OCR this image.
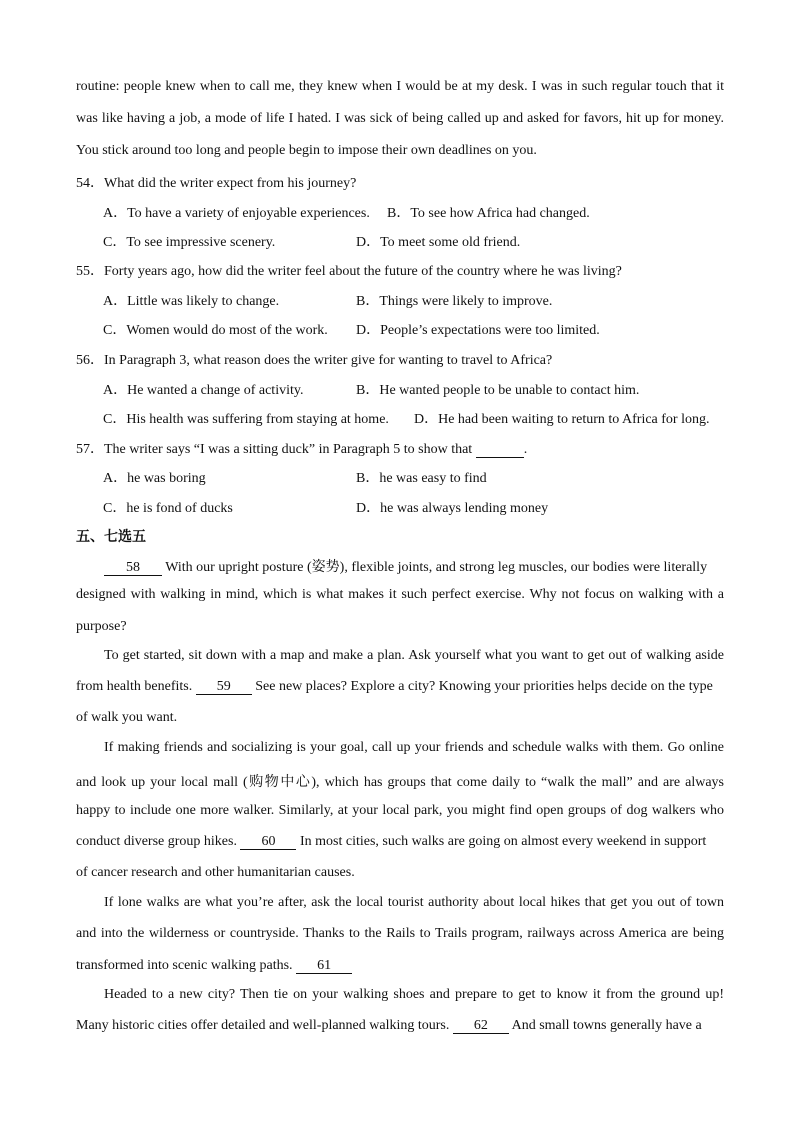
routine: people knew when to call me, they knew when I would be at my desk. I was in such regular touch that it
was like having a job, a mode of life I hated. I was sick of being called up and asked for favors, hit up for money.
You stick around too long and people begin to impose their own deadlines on you.
54．What did the writer expect from his journey?
A．To have a variety of enjoyable experiences. B．To see how Africa had changed.
C．To see impressive scenery.	D．To meet some old friend.
55．Forty years ago, how did the writer feel about the future of the country where he was living?
A．Little was likely to change.	B．Things were likely to improve.
C．Women would do most of the work. D．People’s expectations were too limited.
56．In Paragraph 3, what reason does the writer give for wanting to travel to Africa?
A．He wanted a change of activity.	B．He wanted people to be unable to contact him.
C．His health was suffering from staying at home. D．He had been waiting to return to Africa for long.
57．The writer says “I was a sitting duck” in Paragraph 5 to show that	.
A．he was boring	B．he was easy to find
C．he is fond of ducks	D．he was always lending money
五、七选五
58 With our upright posture (姿势), flexible joints, and strong leg muscles, our bodies were literally
designed with walking in mind, which is what makes it such perfect exercise. Why not focus on walking with a
purpose?
To get started, sit down with a map and make a plan. Ask yourself what you want to get out of walking aside
from health benefits. 59 See new places? Explore a city? Knowing your priorities helps decide on the type
of walk you want.
If making friends and socializing is your goal, call up your friends and schedule walks with them. Go online
and look up your local mall (购物中心), which has groups that come daily to “walk the mall” and are always
happy to include one more walker. Similarly, at your local park, you might find open groups of dog walkers who
conduct diverse group hikes. 60 In most cities, such walks are going on almost every weekend in support
of cancer research and other humanitarian causes.
If lone walks are what you’re after, ask the local tourist authority about local hikes that get you out of town
and into the wilderness or countryside. Thanks to the Rails to Trails program, railways across America are being
transformed into scenic walking paths. 61
Headed to a new city? Then tie on your walking shoes and prepare to get to know it from the ground up!
Many historic cities offer detailed and well-planned walking tours. 62 And small towns generally have a
